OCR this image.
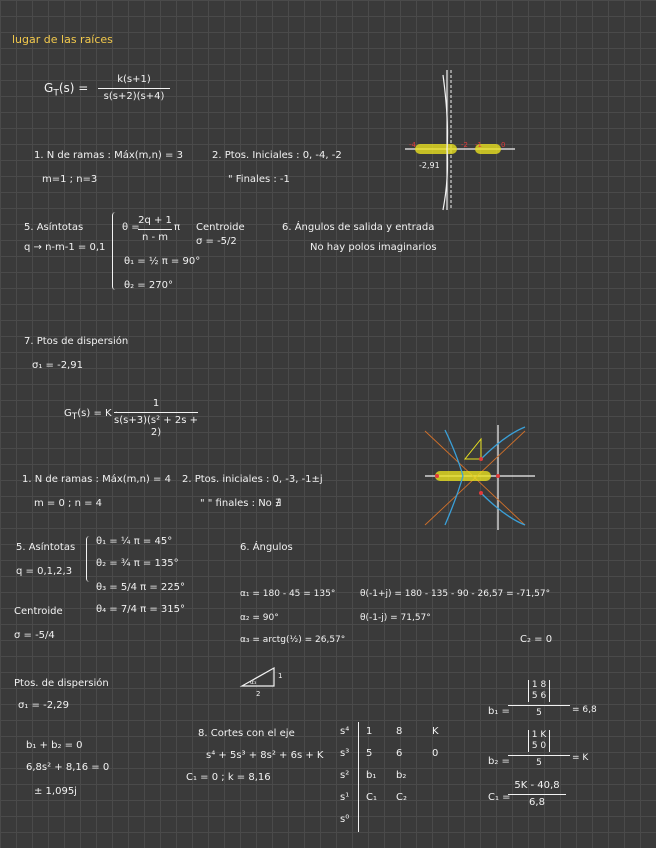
lugar de las raíces
$G_T(s)$ =
k(s+1)
s(s+2)(s+4)
1. N de ramas : Máx(m,n) = 3
m=1 ; n=3
2. Ptos. Iniciales : 0, -4, -2
" Finales : -1
-4	-2 -1	0
-2,91
5. Asíntotas
q → n-m-1 = 0,1
θ =
2q + 1
n - m
π
θ₁ = ½ π = 90°
θ₂ = 270°
Centroide
σ = -5/2
6. Ángulos de salida y entrada
No hay polos imaginarios
7. Ptos de dispersión
σ₁ = -2,91
$G_T(s) = K$ ·
1
s(s+3)(s² + 2s + 2)
1. N de ramas : Máx(m,n) = 4
m = 0 ; n = 4
2. Ptos. iniciales : 0, -3, -1±j
" " finales : No ∄
5. Asíntotas
q = 0,1,2,3
θ₁ = ¼ π = 45°
θ₂ = ¾ π = 135°
θ₃ = 5/4 π = 225°
θ₄ = 7/4 π = 315°
Centroide
σ = -5/4
6. Ángulos
α₁ = 180 - 45 = 135°
α₂ = 90°
α₃ = arctg(½) = 26,57°
θ(-1+j) = 180 - 135 - 90 - 26,57 = -71,57°
θ(-1-j) = 71,57°
α₃
1
2
Ptos. de dispersión
σ₁ = -2,29
b₁ + b₂ = 0
6,8s² + 8,16 = 0
± 1,095j
8. Cortes con el eje
s⁴ + 5s³ + 8s² + 6s + K
C₁ = 0 ; k = 8,16
s⁴ 1 8	K
s³ 5 6	0
s² b₁ b₂
s¹ C₁ C₂
s⁰
C₂ = 0
b₁ =
1 8
5 6
5	= 6,8
b₂ =
1 K
5 0
5	= K
C₁ =
5K - 40,8
6,8
